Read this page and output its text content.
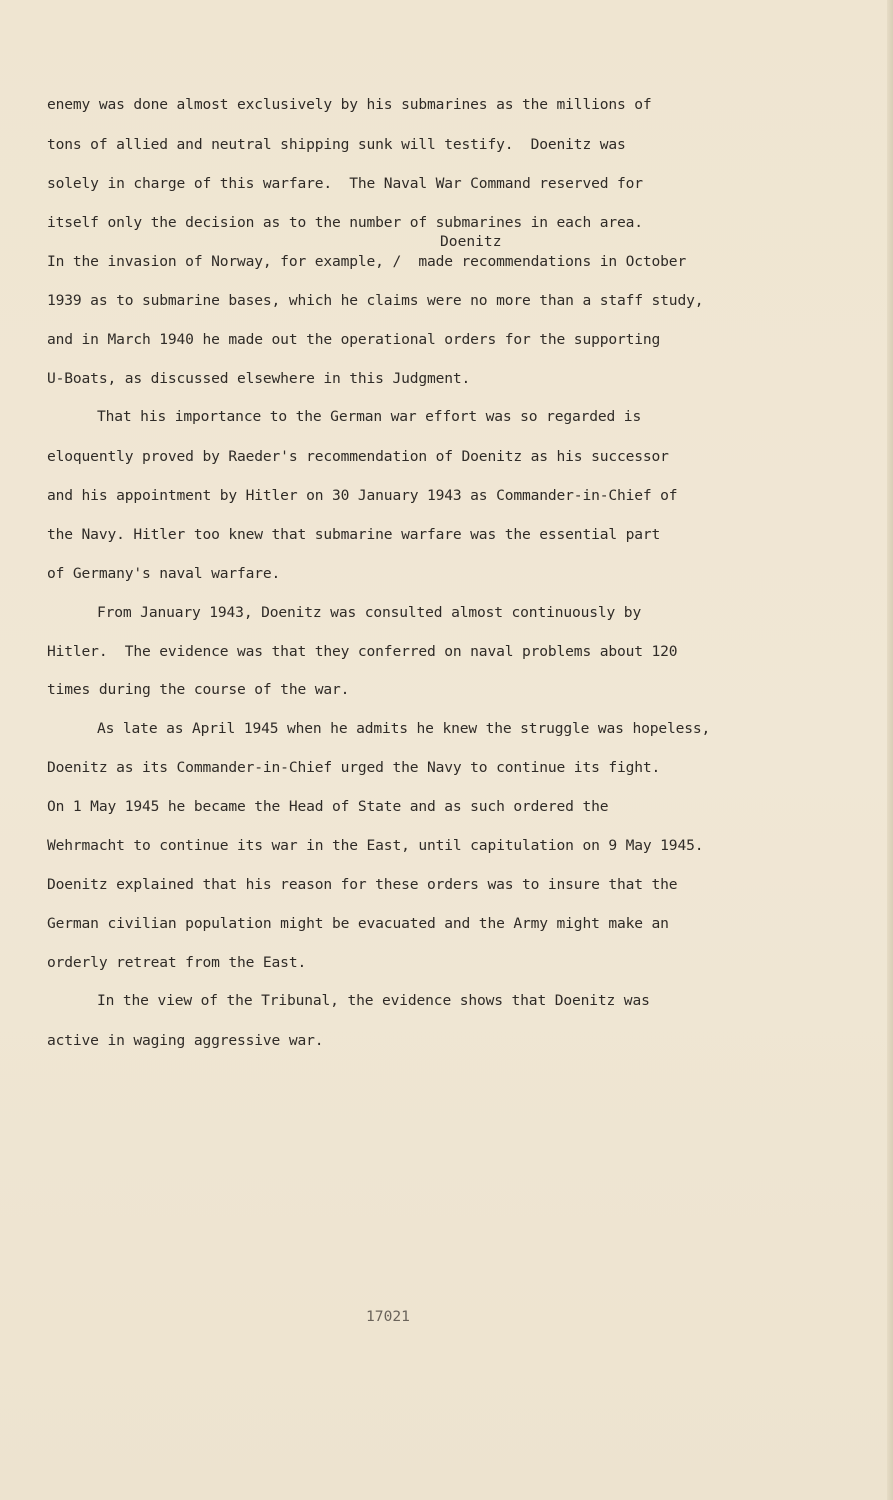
enemy was done almost exclusively by his submarines as the millions of

tons of allied and neutral shipping sunk will testify.  Doenitz was

solely in charge of this warfare.  The Naval War Command reserved for

itself only the decision as to the number of submarines in each area.

Doenitz

In the invasion of Norway, for example, /  made recommendations in October

1939 as to submarine bases, which he claims were no more than a staff study,

and in March 1940 he made out the operational orders for the supporting

U-Boats, as discussed elsewhere in this Judgment.

That his importance to the German war effort was so regarded is

eloquently proved by Raeder's recommendation of Doenitz as his successor

and his appointment by Hitler on 30 January 1943 as Commander-in-Chief of

the Navy. Hitler too knew that submarine warfare was the essential part

of Germany's naval warfare.

From January 1943, Doenitz was consulted almost continuously by

Hitler.  The evidence was that they conferred on naval problems about 120

times during the course of the war.

As late as April 1945 when he admits he knew the struggle was hopeless,

Doenitz as its Commander-in-Chief urged the Navy to continue its fight.

On 1 May 1945 he became the Head of State and as such ordered the

Wehrmacht to continue its war in the East, until capitulation on 9 May 1945.

Doenitz explained that his reason for these orders was to insure that the

German civilian population might be evacuated and the Army might make an

orderly retreat from the East.

In the view of the Tribunal, the evidence shows that Doenitz was

active in waging aggressive war.

17021
